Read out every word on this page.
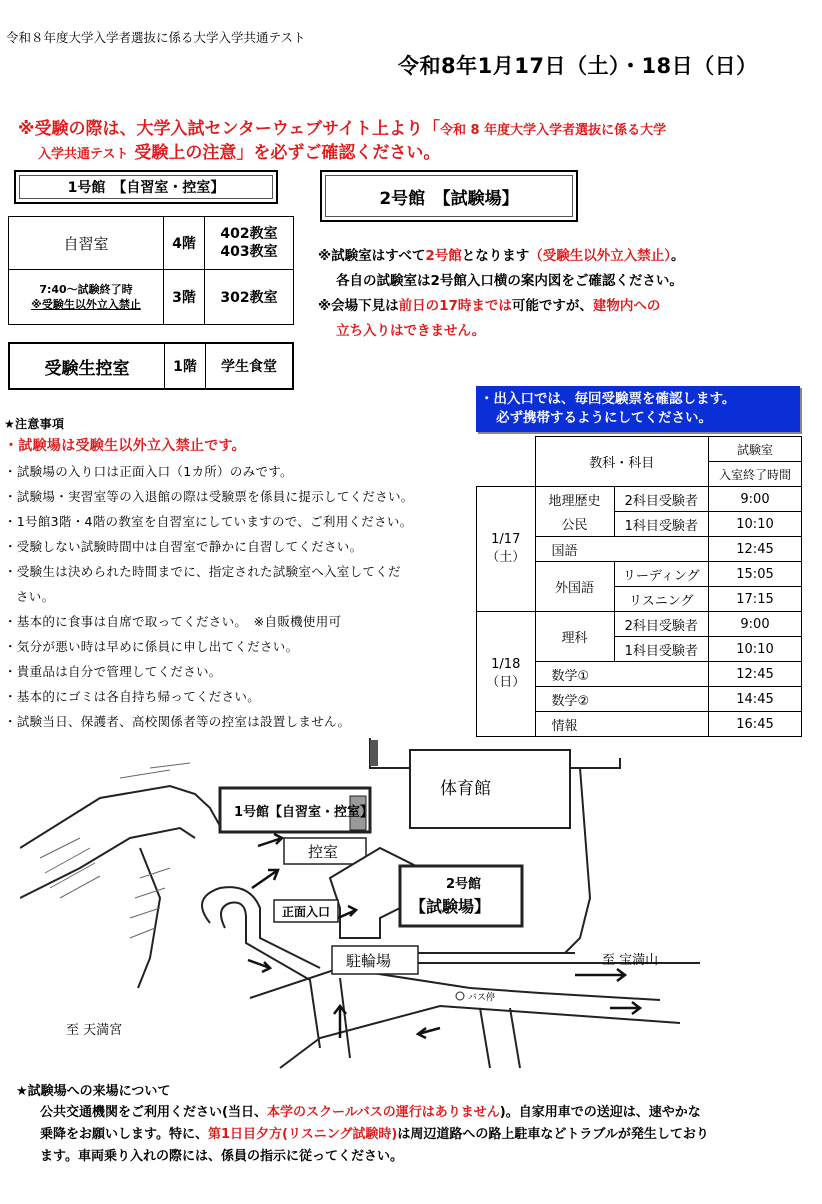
令和８年度大学入学者選抜に係る大学入学共通テスト
令和8年1月17日（土）・18日（日）
※受験の際は、大学入試センターウェブサイト上より「令和 8 年度大学入学者選抜に係る大学
入学共通テスト 受験上の注意」を必ずご確認ください。
1号館　【自習室・控室】
自習室	4階	402教室
403教室

7:40～試験終了時
※受験生以外立入禁止	3階	302教室
受験生控室	1階	学生食堂
2号館　【試験場】
※試験室はすべて2号館となります（受験生以外立入禁止）。
各自の試験室は2号館入口横の案内図をご確認ください。
※会場下見は前日の17時までは可能ですが、建物内への
立ち入りはできません。
・出入口では、毎回受験票を確認します。
必ず携帯するようにしてください。
	教科・科目		試験室
			入室終了時間

1/17
（土）	地理歴史	2科目受験者	9:00
	公民	1科目受験者	10:10
	国語		12:45
	外国語	リーディング	15:05
		リスニング	17:15

1/18
（日）	理科	2科目受験者	9:00
		1科目受験者	10:10
	数学①		12:45
	数学②		14:45
	情報		16:45
★注意事項
・試験場は受験生以外立入禁止です。
・試験場の入り口は正面入口（1カ所）のみです。
・試験場・実習室等の入退館の際は受験票を係員に提示してください。
・1号館3階・4階の教室を自習室にしていますので、ご利用ください。
・受験しない試験時間中は自習室で静かに自習してください。
・受験生は決められた時間までに、指定された試験室へ入室してくだ
さい。
・基本的に食事は自席で取ってください。　※自販機使用可
・気分が悪い時は早めに係員に申し出てください。
・貴重品は自分で管理してください。
・基本的にゴミは各自持ち帰ってください。
・試験当日、保護者、高校関係者等の控室は設置しません。
体育館
1号館【自習室・控室】
控室
2号館
【試験場】
正面入口
駐輪場	至 宝満山
至 天満宮
バス停
★試験場への来場について
公共交通機関をご利用ください(当日、本学のスクールバスの運行はありません)。自家用車での送迎は、速やかな
乗降をお願いします。特に、第1日目夕方(リスニング試験時)は周辺道路への路上駐車などトラブルが発生しており
ます。車両乗り入れの際には、係員の指示に従ってください。
